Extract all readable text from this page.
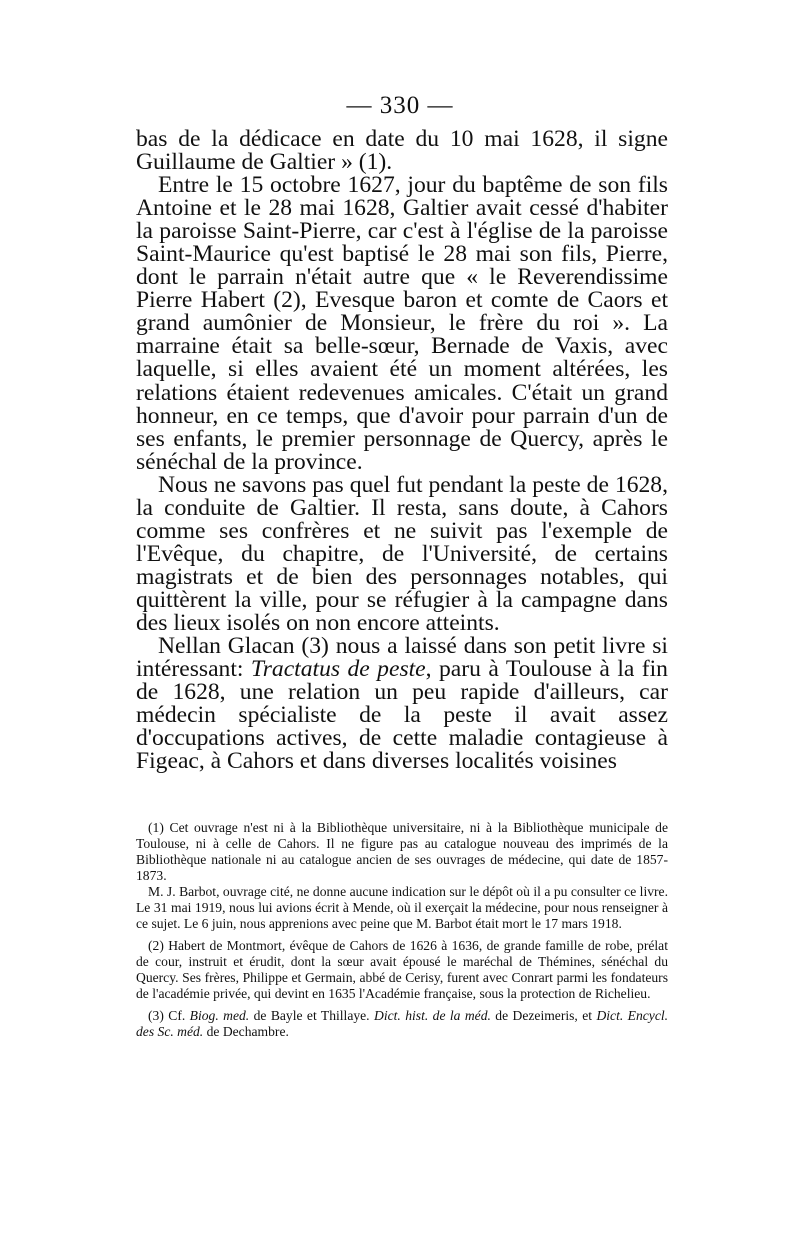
— 330 —

bas de la dédicace en date du 10 mai 1628, il signe Guillaume de Galtier » (1).

Entre le 15 octobre 1627, jour du baptême de son fils Antoine et le 28 mai 1628, Galtier avait cessé d'habiter la paroisse Saint-Pierre, car c'est à l'église de la paroisse Saint-Maurice qu'est baptisé le 28 mai son fils, Pierre, dont le parrain n'était autre que « le Reverendissime Pierre Habert (2), Evesque baron et comte de Caors et grand aumônier de Monsieur, le frère du roi ». La marraine était sa belle-sœur, Bernade de Vaxis, avec laquelle, si elles avaient été un moment altérées, les relations étaient redevenues amicales. C'était un grand honneur, en ce temps, que d'avoir pour parrain d'un de ses enfants, le premier personnage de Quercy, après le sénéchal de la province.

Nous ne savons pas quel fut pendant la peste de 1628, la conduite de Galtier. Il resta, sans doute, à Cahors comme ses confrères et ne suivit pas l'exemple de l'Evêque, du chapitre, de l'Université, de certains magistrats et de bien des personnages notables, qui quittèrent la ville, pour se réfugier à la campagne dans des lieux isolés on non encore atteints.

Nellan Glacan (3) nous a laissé dans son petit livre si intéressant: Tractatus de peste, paru à Toulouse à la fin de 1628, une relation un peu rapide d'ailleurs, car médecin spécialiste de la peste il avait assez d'occupations actives, de cette maladie contagieuse à Figeac, à Cahors et dans diverses localités voisines

(1) Cet ouvrage n'est ni à la Bibliothèque universitaire, ni à la Bibliothèque municipale de Toulouse, ni à celle de Cahors. Il ne figure pas au catalogue nouveau des imprimés de la Bibliothèque nationale ni au catalogue ancien de ses ouvrages de médecine, qui date de 1857-1873.

M. J. Barbot, ouvrage cité, ne donne aucune indication sur le dépôt où il a pu consulter ce livre. Le 31 mai 1919, nous lui avions écrit à Mende, où il exerçait la médecine, pour nous renseigner à ce sujet. Le 6 juin, nous apprenions avec peine que M. Barbot était mort le 17 mars 1918.

(2) Habert de Montmort, évêque de Cahors de 1626 à 1636, de grande famille de robe, prélat de cour, instruit et érudit, dont la sœur avait épousé le maréchal de Thémines, sénéchal du Quercy. Ses frères, Philippe et Germain, abbé de Cerisy, furent avec Conrart parmi les fondateurs de l'académie privée, qui devint en 1635 l'Académie française, sous la protection de Richelieu.

(3) Cf. Biog. med. de Bayle et Thillaye. Dict. hist. de la méd. de Dezeimeris, et Dict. Encycl. des Sc. méd. de Dechambre.
